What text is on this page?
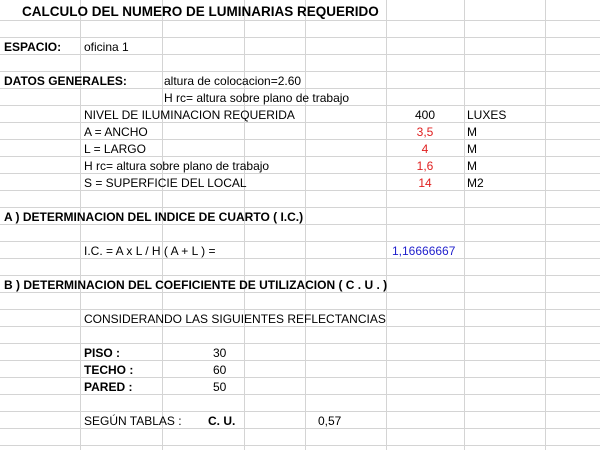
CALCULO DEL NUMERO DE LUMINARIAS REQUERIDO
ESPACIO: oficina 1
DATOS GENERALES:	altura de colocacion=2.60
H rc= altura sobre plano de trabajo
NIVEL DE ILUMINACION REQUERIDA	400	LUXES
A = ANCHO	3,5	M
L = LARGO	4	M
H rc= altura sobre plano de trabajo	1,6	M
S = SUPERFICIE DEL LOCAL	14	M2
A ) DETERMINACION DEL INDICE DE CUARTO ( I.C.)
I.C. = A x L / H ( A + L ) =	1,16666667
B ) DETERMINACION DEL COEFICIENTE DE UTILIZACION ( C . U . )
CONSIDERANDO LAS SIGUIENTES REFLECTANCIAS
PISO :	30
TECHO :	60
PARED :	50
SEGÚN TABLAS : C. U.	0,57
